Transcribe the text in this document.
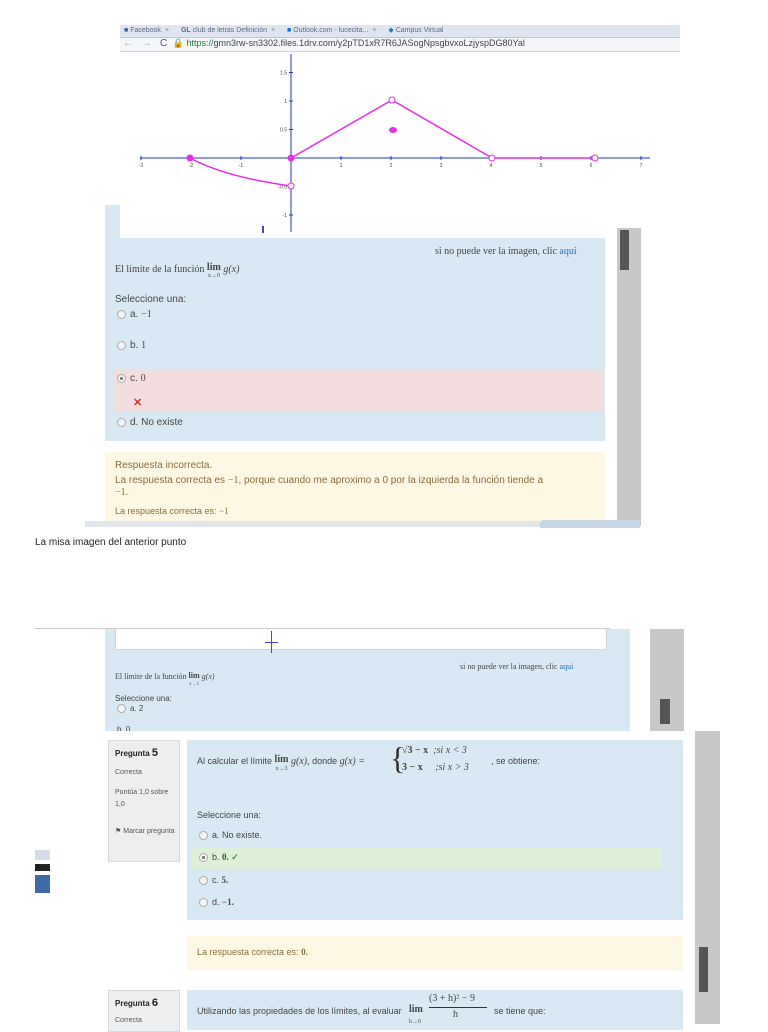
■ Facebook × GL club de letras Definición × ■ Outlook.com - lucecita... × ◆ Campus Virtual
← → C 🔒 https://gmn3rw-sn3302.files.1drv.com/y2pTD1xR7R6JASogNpsgbvxoLzjyspDG80Yal
-3	-2	-1	1	2	3	4	5	6	7
1.5
1
0.5
-0.5
-1
si no puede ver la imagen, clic aqui
El límite de la función lim
x→0 g(x)
Seleccione una:
a. −1
b. 1
c. 0
✕
d. No existe
Respuesta incorrecta.
La respuesta correcta es −1, porque cuando me aproximo a 0 por la izquierda la función tiende a
−1.
La respuesta correcta es: −1
La misa imagen del anterior punto
si no puede ver la imagen, clic aqui
El límite de la función lim
x→1 g(x)
Seleccione una:
a. 2
b. 0
Pregunta 5
Correcta
Puntúa 1,0 sobre 1,0
⚑ Marcar pregunta
Al calcular el límite lim
x→3 g(x), donde g(x) = {
√3 − x ;si x < 3
3 − x ;si x > 3
, se obtiene:
Seleccione una:
a. No existe.
b. 0. ✓
c. 5.
d. −1.
La respuesta correcta es: 0.
Pregunta 6
Correcta
Utilizando las propiedades de los límites, al evaluar lim
h→0
(3 + h)² − 9
h	se tiene que:
